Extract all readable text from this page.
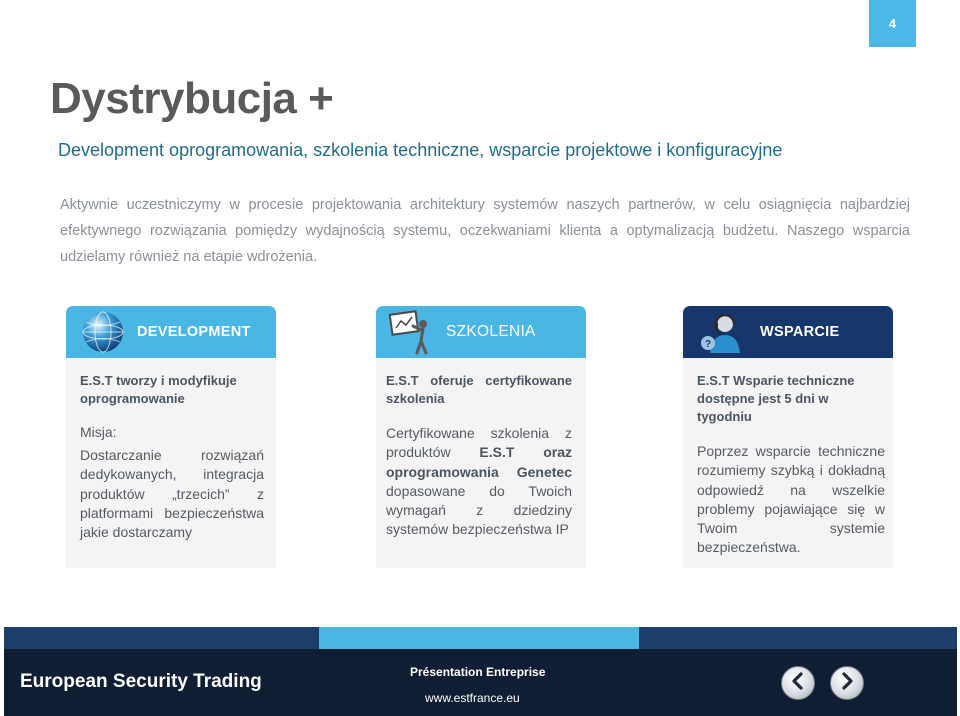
4
Dystrybucja +
Development oprogramowania, szkolenia techniczne, wsparcie projektowe i konfiguracyjne

Aktywnie uczestniczymy w procesie projektowania architektury systemów naszych partnerów, w celu osiągnięcia najbardziej efektywnego rozwiązania pomiędzy wydajnością systemu, oczekwaniami klienta a optymalizacją budżetu. Naszego wsparcia udzielamy również na etapie wdrożenia.

DEVELOPMENT
E.S.T tworzy i modyfikuje oprogramowanie
Misja:
Dostarczanie rozwiązań dedykowanych, integracja produktów „trzecich” z platformami bezpieczeństwa jakie dostarczamy
SZKOLENIA
E.S.T oferuje certyfikowane szkolenia
Certyfikowane szkolenia z produktów E.S.T oraz oprogramowania Genetec dopasowane do Twoich wymagań z dziedziny systemów bezpieczeństwa IP
?
WSPARCIE
E.S.T Wsparie techniczne dostępne jest 5 dni w tygodniu
Poprzez wsparcie techniczne rozumiemy szybką i dokładną odpowiedź na wszelkie problemy pojawiające się w Twoim systemie bezpieczeństwa.
European Security Trading	Présentation Entreprise
www.estfrance.eu
